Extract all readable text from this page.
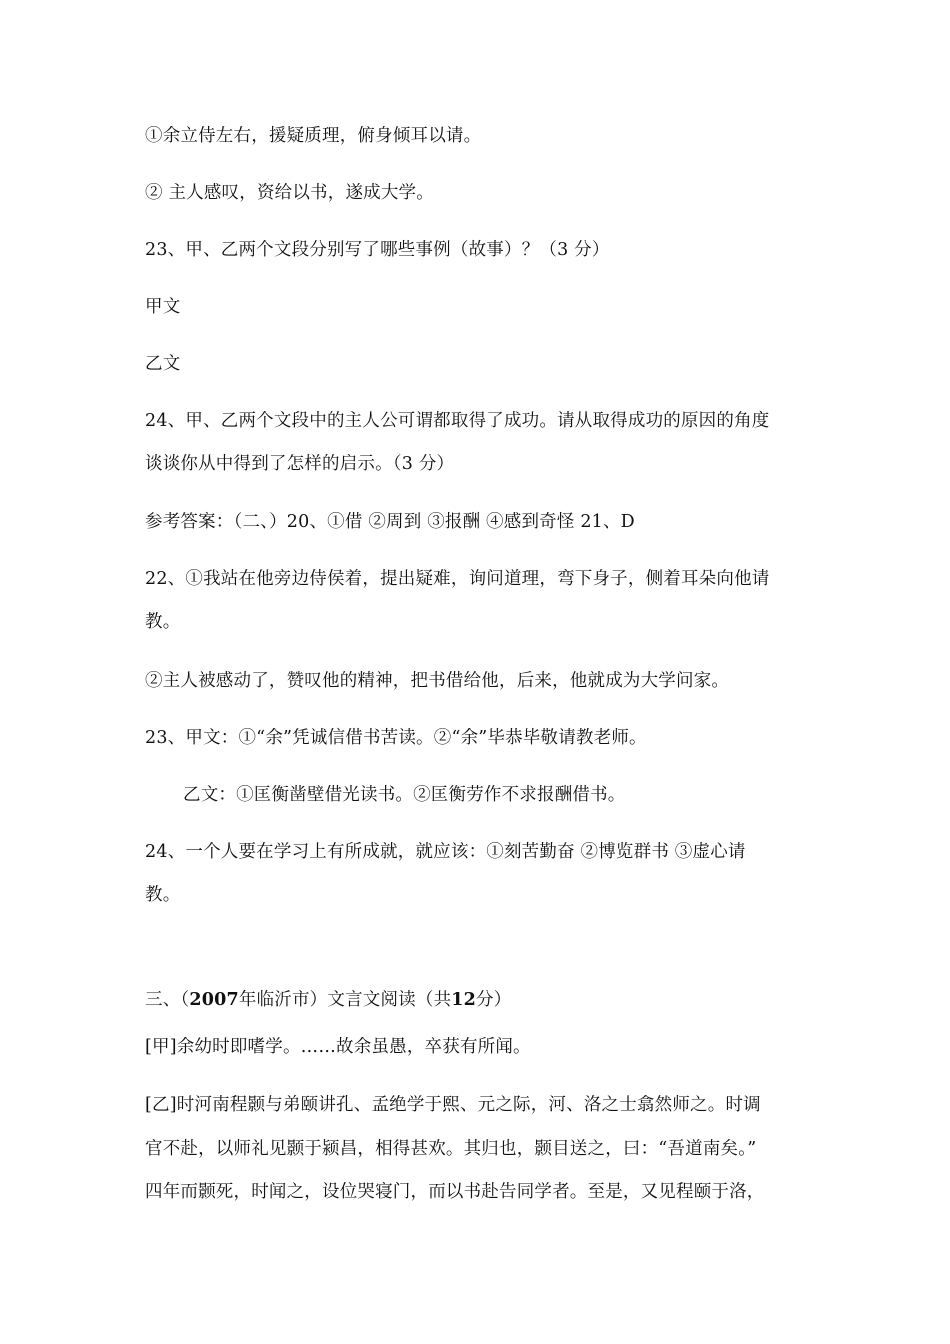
①余立侍左右，援疑质理，俯身倾耳以请。
② 主人感叹，资给以书，遂成大学。
23、甲、乙两个文段分别写了哪些事例（故事）？（3 分）
甲文
乙文
24、甲、乙两个文段中的主人公可谓都取得了成功。请从取得成功的原因的角度
谈谈你从中得到了怎样的启示。（3 分）
参考答案：（二、）20、①借 ②周到 ③报酬 ④感到奇怪 21、D
22、①我站在他旁边侍侯着，提出疑难，询问道理，弯下身子，侧着耳朵向他请
教。
②主人被感动了，赞叹他的精神，把书借给他，后来，他就成为大学问家。
23、甲文：①“余”凭诚信借书苦读。②“余”毕恭毕敬请教老师。
乙文：①匡衡凿壁借光读书。②匡衡劳作不求报酬借书。
24、一个人要在学习上有所成就，就应该：①刻苦勤奋 ②博览群书 ③虚心请
教。
三、（2007年临沂市）文言文阅读（共12分）
[甲]余幼时即嗜学。……故余虽愚，卒获有所闻。
[乙]时河南程颢与弟颐讲孔、孟绝学于熙、元之际，河、洛之士翕然师之。时调
官不赴，以师礼见颢于颍昌，相得甚欢。其归也，颢目送之，曰：“吾道南矣。”
四年而颢死，时闻之，设位哭寝门，而以书赴告同学者。至是，又见程颐于洛，
